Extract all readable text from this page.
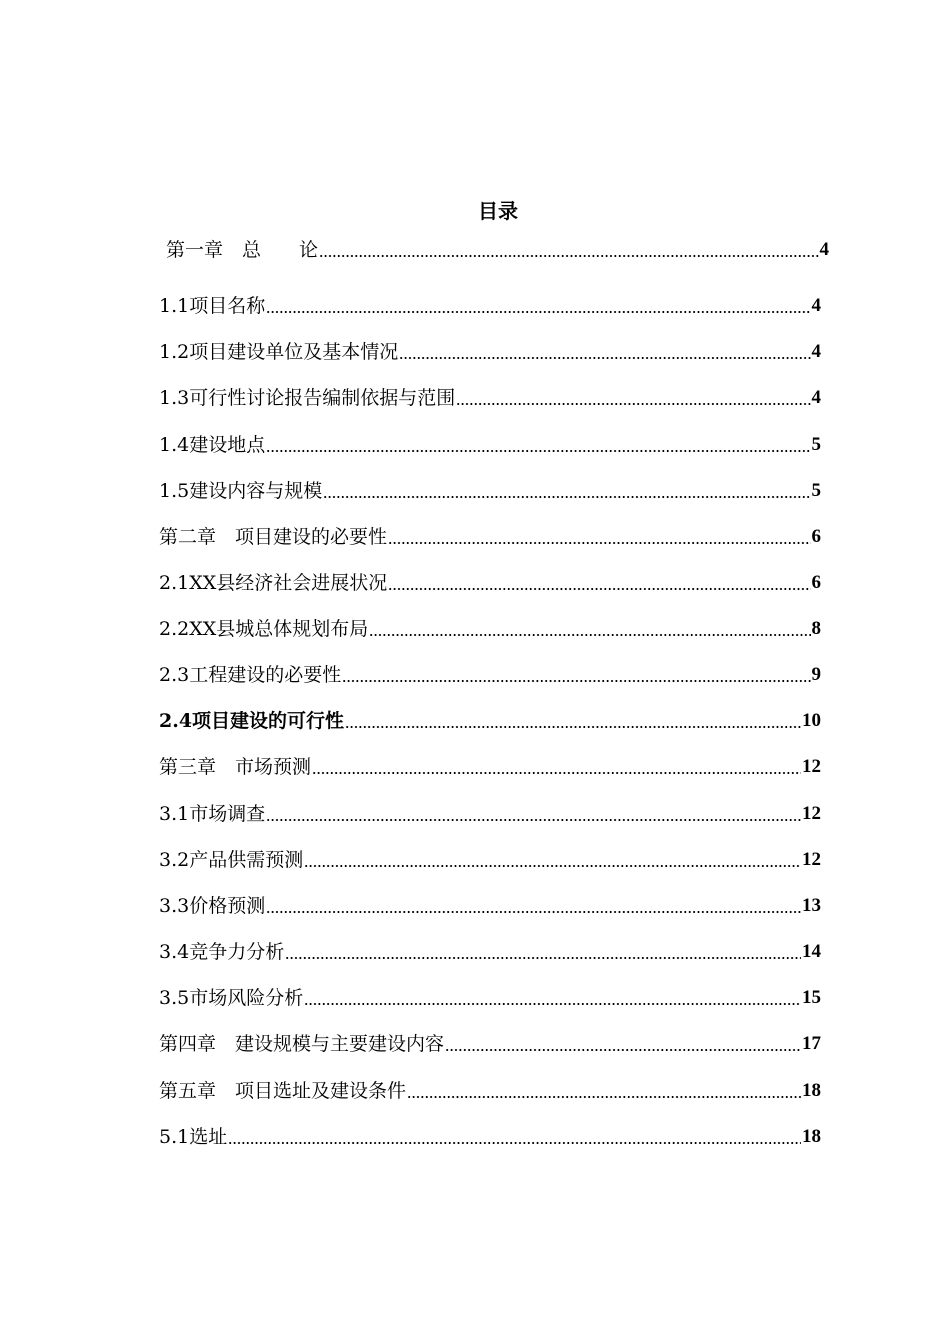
目录
第一章　总　　论	4
1.1项目名称	4
1.2项目建设单位及基本情况	4
1.3可行性讨论报告编制依据与范围	4
1.4建设地点	5
1.5建设内容与规模	5
第二章　项目建设的必要性	6
2.1XX县经济社会进展状况	6
2.2XX县城总体规划布局	8
2.3工程建设的必要性	9
2.4项目建设的可行性	10
第三章　市场预测	12
3.1市场调查	12
3.2产品供需预测	12
3.3价格预测	13
3.4竞争力分析	14
3.5市场风险分析	15
第四章　建设规模与主要建设内容	17
第五章　项目选址及建设条件	18
5.1选址	18
